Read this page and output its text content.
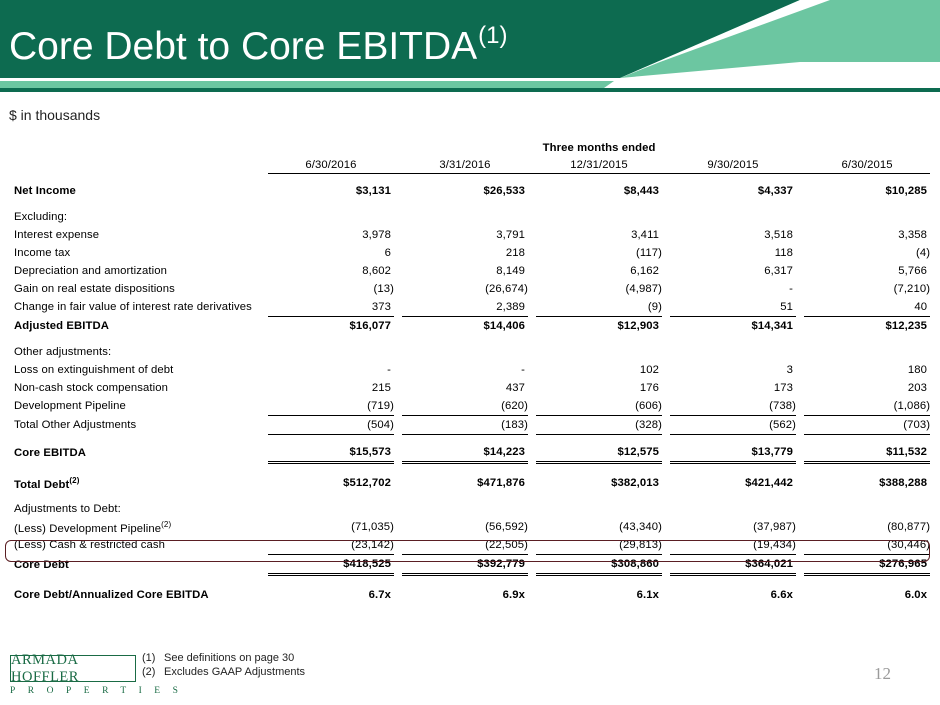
Core Debt to Core EBITDA$^{(1)}$
$ in thousands
		Three months ended								
		6/30/2016		3/31/2016		12/31/2015		9/30/2015		6/30/2015

Net Income		$3,131		$26,533		$8,443		$4,337		$10,285

Excluding:										
Interest expense		3,978		3,791		3,411		3,518		3,358
Income tax		6		218		(117)		118		(4)
Depreciation and amortization		8,602		8,149		6,162		6,317		5,766
Gain on real estate dispositions		(13)		(26,674)		(4,987)		-		(7,210)
Change in fair value of interest rate derivatives		373		2,389		(9)		51		40
Adjusted EBITDA		$16,077		$14,406		$12,903		$14,341		$12,235

Other adjustments:										
Loss on extinguishment of debt		-		-		102		3		180
Non-cash stock compensation		215		437		176		173		203
Development Pipeline		(719)		(620)		(606)		(738)		(1,086)
Total Other Adjustments		(504)		(183)		(328)		(562)		(703)

Core EBITDA		$15,573		$14,223		$12,575		$13,779		$11,532

Total Debt$^{(2)}$		$512,702		$471,876		$382,013		$421,442		$388,288

Adjustments to Debt:										
(Less) Development Pipeline$^{(2)}$		(71,035)		(56,592)		(43,340)		(37,987)		(80,877)
(Less) Cash & restricted cash		(23,142)		(22,505)		(29,813)		(19,434)		(30,446)
Core Debt		$418,525		$392,779		$308,860		$364,021		$276,965

Core Debt/Annualized Core EBITDA		6.7x		6.9x		6.1x		6.6x		6.0x
ARMADA HOFFLER
PROPERTIES
(1) See definitions on page 30
(2) Excludes GAAP Adjustments	12
